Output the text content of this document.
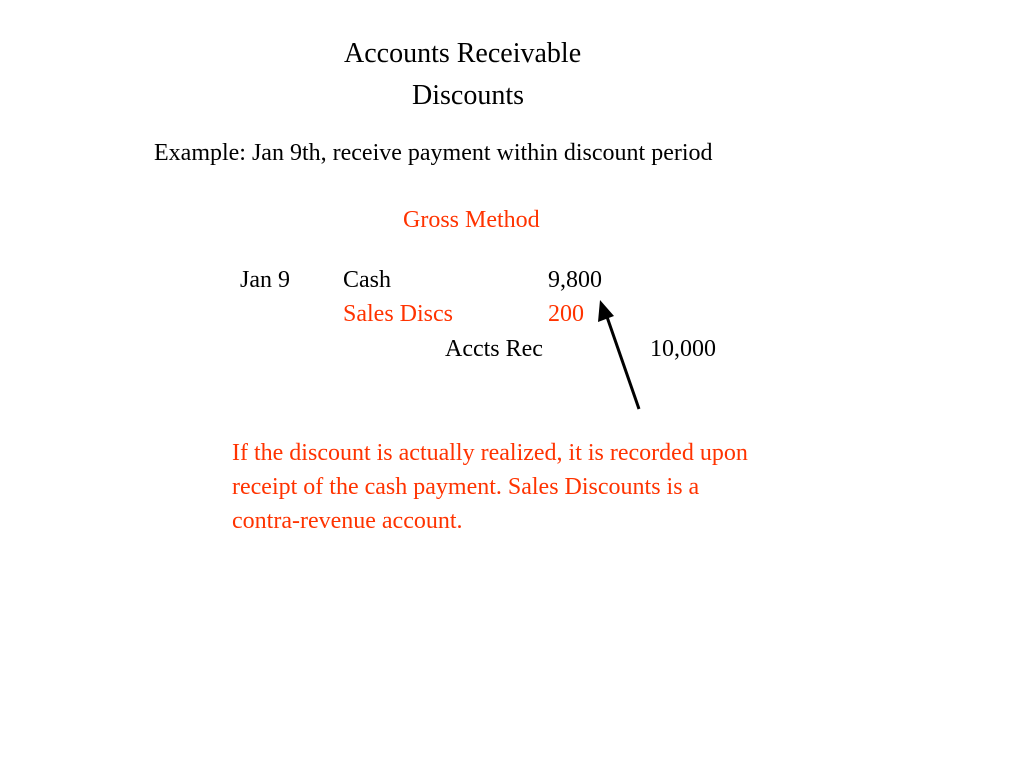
Accounts Receivable
Discounts
Example: Jan 9th, receive payment within discount period
Gross Method
Jan 9 Cash	9,800
Sales Discs	200
Accts Rec	10,000
If the discount is actually realized, it is recorded upon
receipt of the cash payment. Sales Discounts is a
contra-revenue account.
